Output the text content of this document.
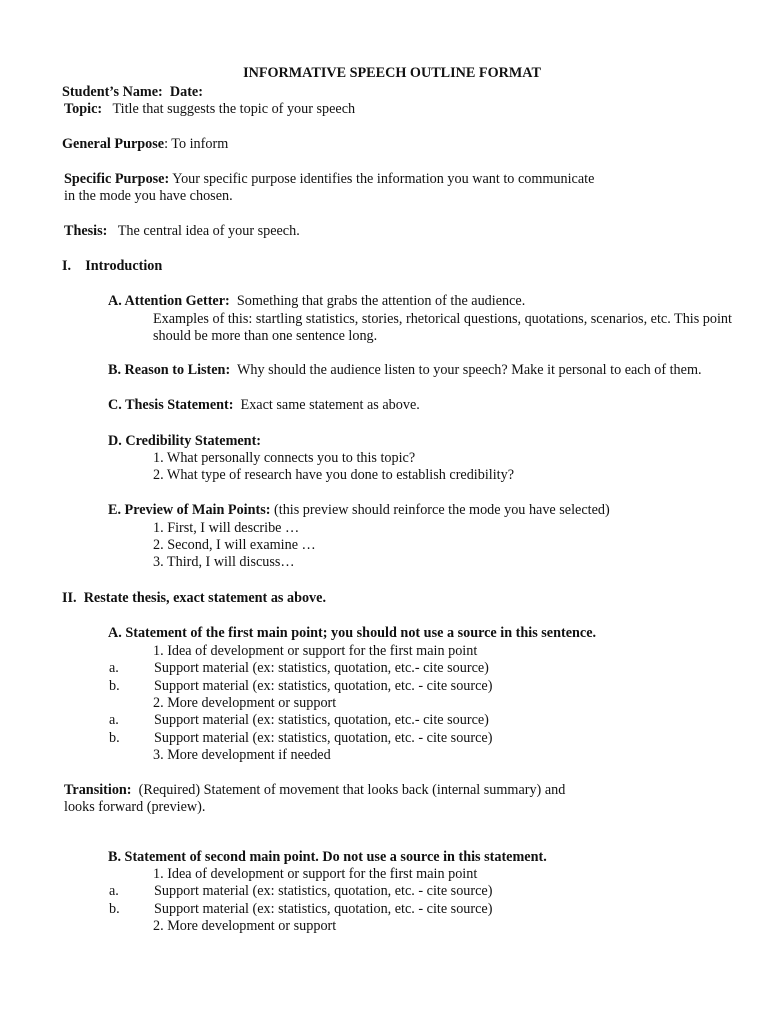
INFORMATIVE SPEECH OUTLINE FORMAT
Student’s Name: Date:
Topic: Title that suggests the topic of your speech
General Purpose: To inform
Specific Purpose: Your specific purpose identifies the information you want to communicate
in the mode you have chosen.
Thesis: The central idea of your speech.
I. Introduction
A. Attention Getter: Something that grabs the attention of the audience.
Examples of this: startling statistics, stories, rhetorical questions, quotations, scenarios, etc. This point
should be more than one sentence long.
B. Reason to Listen: Why should the audience listen to your speech? Make it personal to each of them.
C. Thesis Statement: Exact same statement as above.
D. Credibility Statement:
1. What personally connects you to this topic?
2. What type of research have you done to establish credibility?
E. Preview of Main Points: (this preview should reinforce the mode you have selected)
1. First, I will describe …
2. Second, I will examine …
3. Third, I will discuss…
II. Restate thesis, exact statement as above.
A. Statement of the first main point; you should not use a source in this sentence.
1. Idea of development or support for the first main point
a. Support material (ex: statistics, quotation, etc.- cite source)
b. Support material (ex: statistics, quotation, etc. - cite source)
2. More development or support
a. Support material (ex: statistics, quotation, etc.- cite source)
b. Support material (ex: statistics, quotation, etc. - cite source)
3. More development if needed
Transition: (Required) Statement of movement that looks back (internal summary) and
looks forward (preview).
B. Statement of second main point. Do not use a source in this statement.
1. Idea of development or support for the first main point
a. Support material (ex: statistics, quotation, etc. - cite source)
b. Support material (ex: statistics, quotation, etc. - cite source)
2. More development or support
